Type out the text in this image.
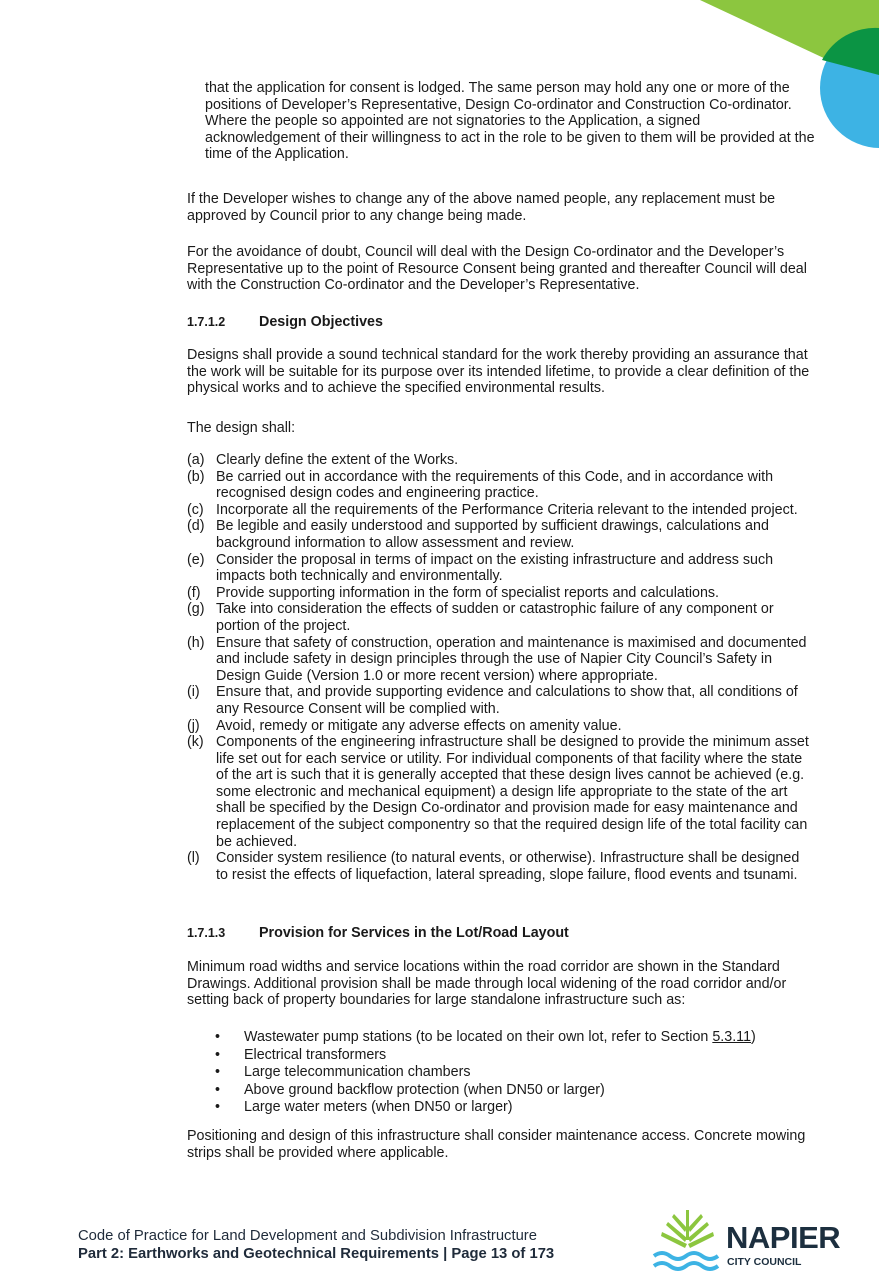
that the application for consent is lodged. The same person may hold any one or more of the positions of Developer’s Representative, Design Co-ordinator and Construction Co-ordinator. Where the people so appointed are not signatories to the Application, a signed acknowledgement of their willingness to act in the role to be given to them will be provided at the time of the Application.

If the Developer wishes to change any of the above named people, any replacement must be approved by Council prior to any change being made.

For the avoidance of doubt, Council will deal with the Design Co-ordinator and the Developer’s Representative up to the point of Resource Consent being granted and thereafter Council will deal with the Construction Co-ordinator and the Developer’s Representative.

1.7.1.2 Design Objectives

Designs shall provide a sound technical standard for the work thereby providing an assurance that the work will be suitable for its purpose over its intended lifetime, to provide a clear definition of the physical works and to achieve the specified environmental results.

The design shall:

(a) Clearly define the extent of the Works.
(b) Be carried out in accordance with the requirements of this Code, and in accordance with recognised design codes and engineering practice.
(c) Incorporate all the requirements of the Performance Criteria relevant to the intended project.
(d) Be legible and easily understood and supported by sufficient drawings, calculations and background information to allow assessment and review.
(e) Consider the proposal in terms of impact on the existing infrastructure and address such impacts both technically and environmentally.
(f) Provide supporting information in the form of specialist reports and calculations.
(g) Take into consideration the effects of sudden or catastrophic failure of any component or portion of the project.
(h) Ensure that safety of construction, operation and maintenance is maximised and documented and include safety in design principles through the use of Napier City Council’s Safety in Design Guide (Version 1.0 or more recent version) where appropriate.
(i) Ensure that, and provide supporting evidence and calculations to show that, all conditions of any Resource Consent will be complied with.
(j) Avoid, remedy or mitigate any adverse effects on amenity value.
(k) Components of the engineering infrastructure shall be designed to provide the minimum asset life set out for each service or utility. For individual components of that facility where the state of the art is such that it is generally accepted that these design lives cannot be achieved (e.g. some electronic and mechanical equipment) a design life appropriate to the state of the art shall be specified by the Design Co-ordinator and provision made for easy maintenance and replacement of the subject componentry so that the required design life of the total facility can be achieved.
(l) Consider system resilience (to natural events, or otherwise). Infrastructure shall be designed to resist the effects of liquefaction, lateral spreading, slope failure, flood events and tsunami.
1.7.1.3 Provision for Services in the Lot/Road Layout

Minimum road widths and service locations within the road corridor are shown in the Standard Drawings. Additional provision shall be made through local widening of the road corridor and/or setting back of property boundaries for large standalone infrastructure such as:

• Wastewater pump stations (to be located on their own lot, refer to Section 5.3.11)
• Electrical transformers
• Large telecommunication chambers
• Above ground backflow protection (when DN50 or larger)
• Large water meters (when DN50 or larger)

Positioning and design of this infrastructure shall consider maintenance access. Concrete mowing strips shall be provided where applicable.

Code of Practice for Land Development and Subdivision Infrastructure
Part 2: Earthworks and Geotechnical Requirements | Page 13 of 173	NAPIER
CITY COUNCIL
